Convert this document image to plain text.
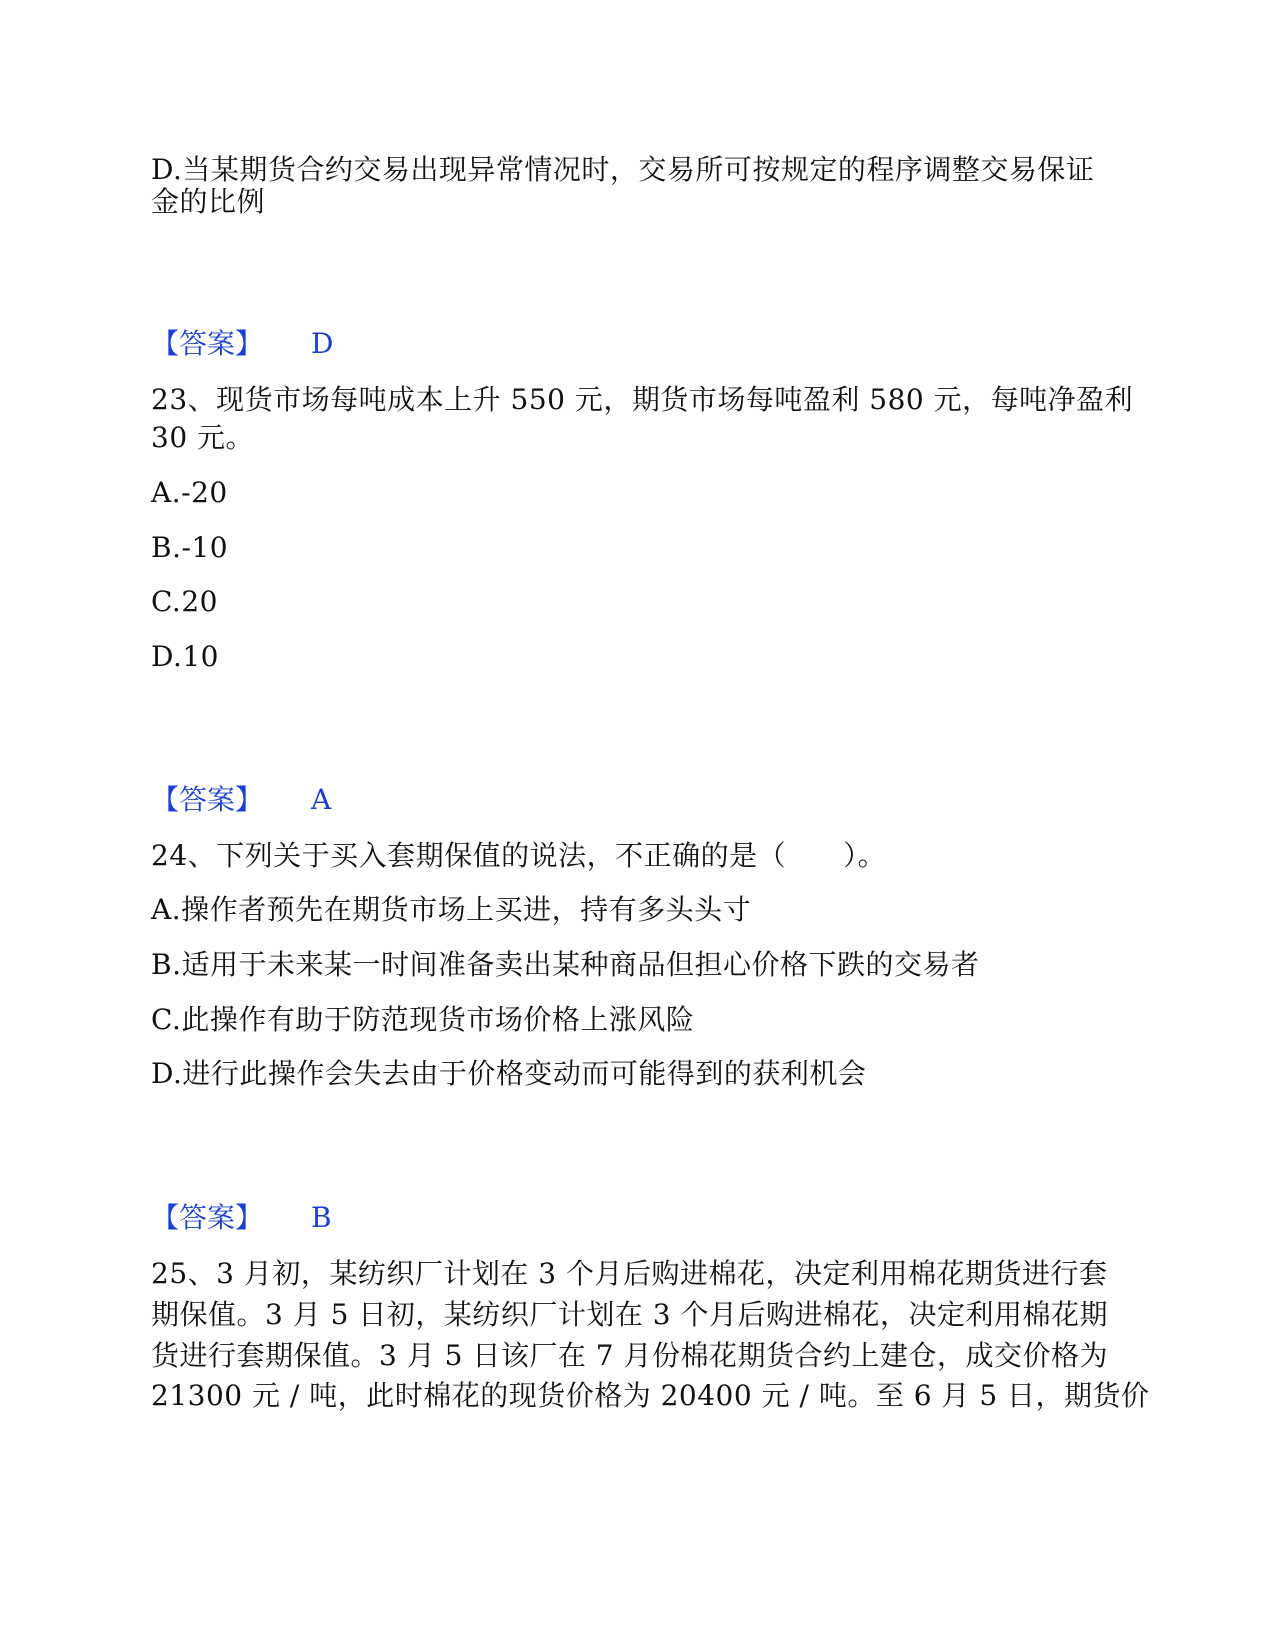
D.当某期货合约交易出现异常情况时，交易所可按规定的程序调整交易保证
金的比例
【答案】 D
23、现货市场每吨成本上升 550 元，期货市场每吨盈利 580 元，每吨净盈利
30 元。
A.-20
B.-10
C.20
D.10
【答案】 A
24、下列关于买入套期保值的说法，不正确的是（　　）。
A.操作者预先在期货市场上买进，持有多头头寸
B.适用于未来某一时间准备卖出某种商品但担心价格下跌的交易者
C.此操作有助于防范现货市场价格上涨风险
D.进行此操作会失去由于价格变动而可能得到的获利机会
【答案】 B
25、3 月初，某纺织厂计划在 3 个月后购进棉花，决定利用棉花期货进行套
期保值。3 月 5 日初，某纺织厂计划在 3 个月后购进棉花，决定利用棉花期
货进行套期保值。3 月 5 日该厂在 7 月份棉花期货合约上建仓，成交价格为
21300 元 / 吨，此时棉花的现货价格为 20400 元 / 吨。至 6 月 5 日，期货价
